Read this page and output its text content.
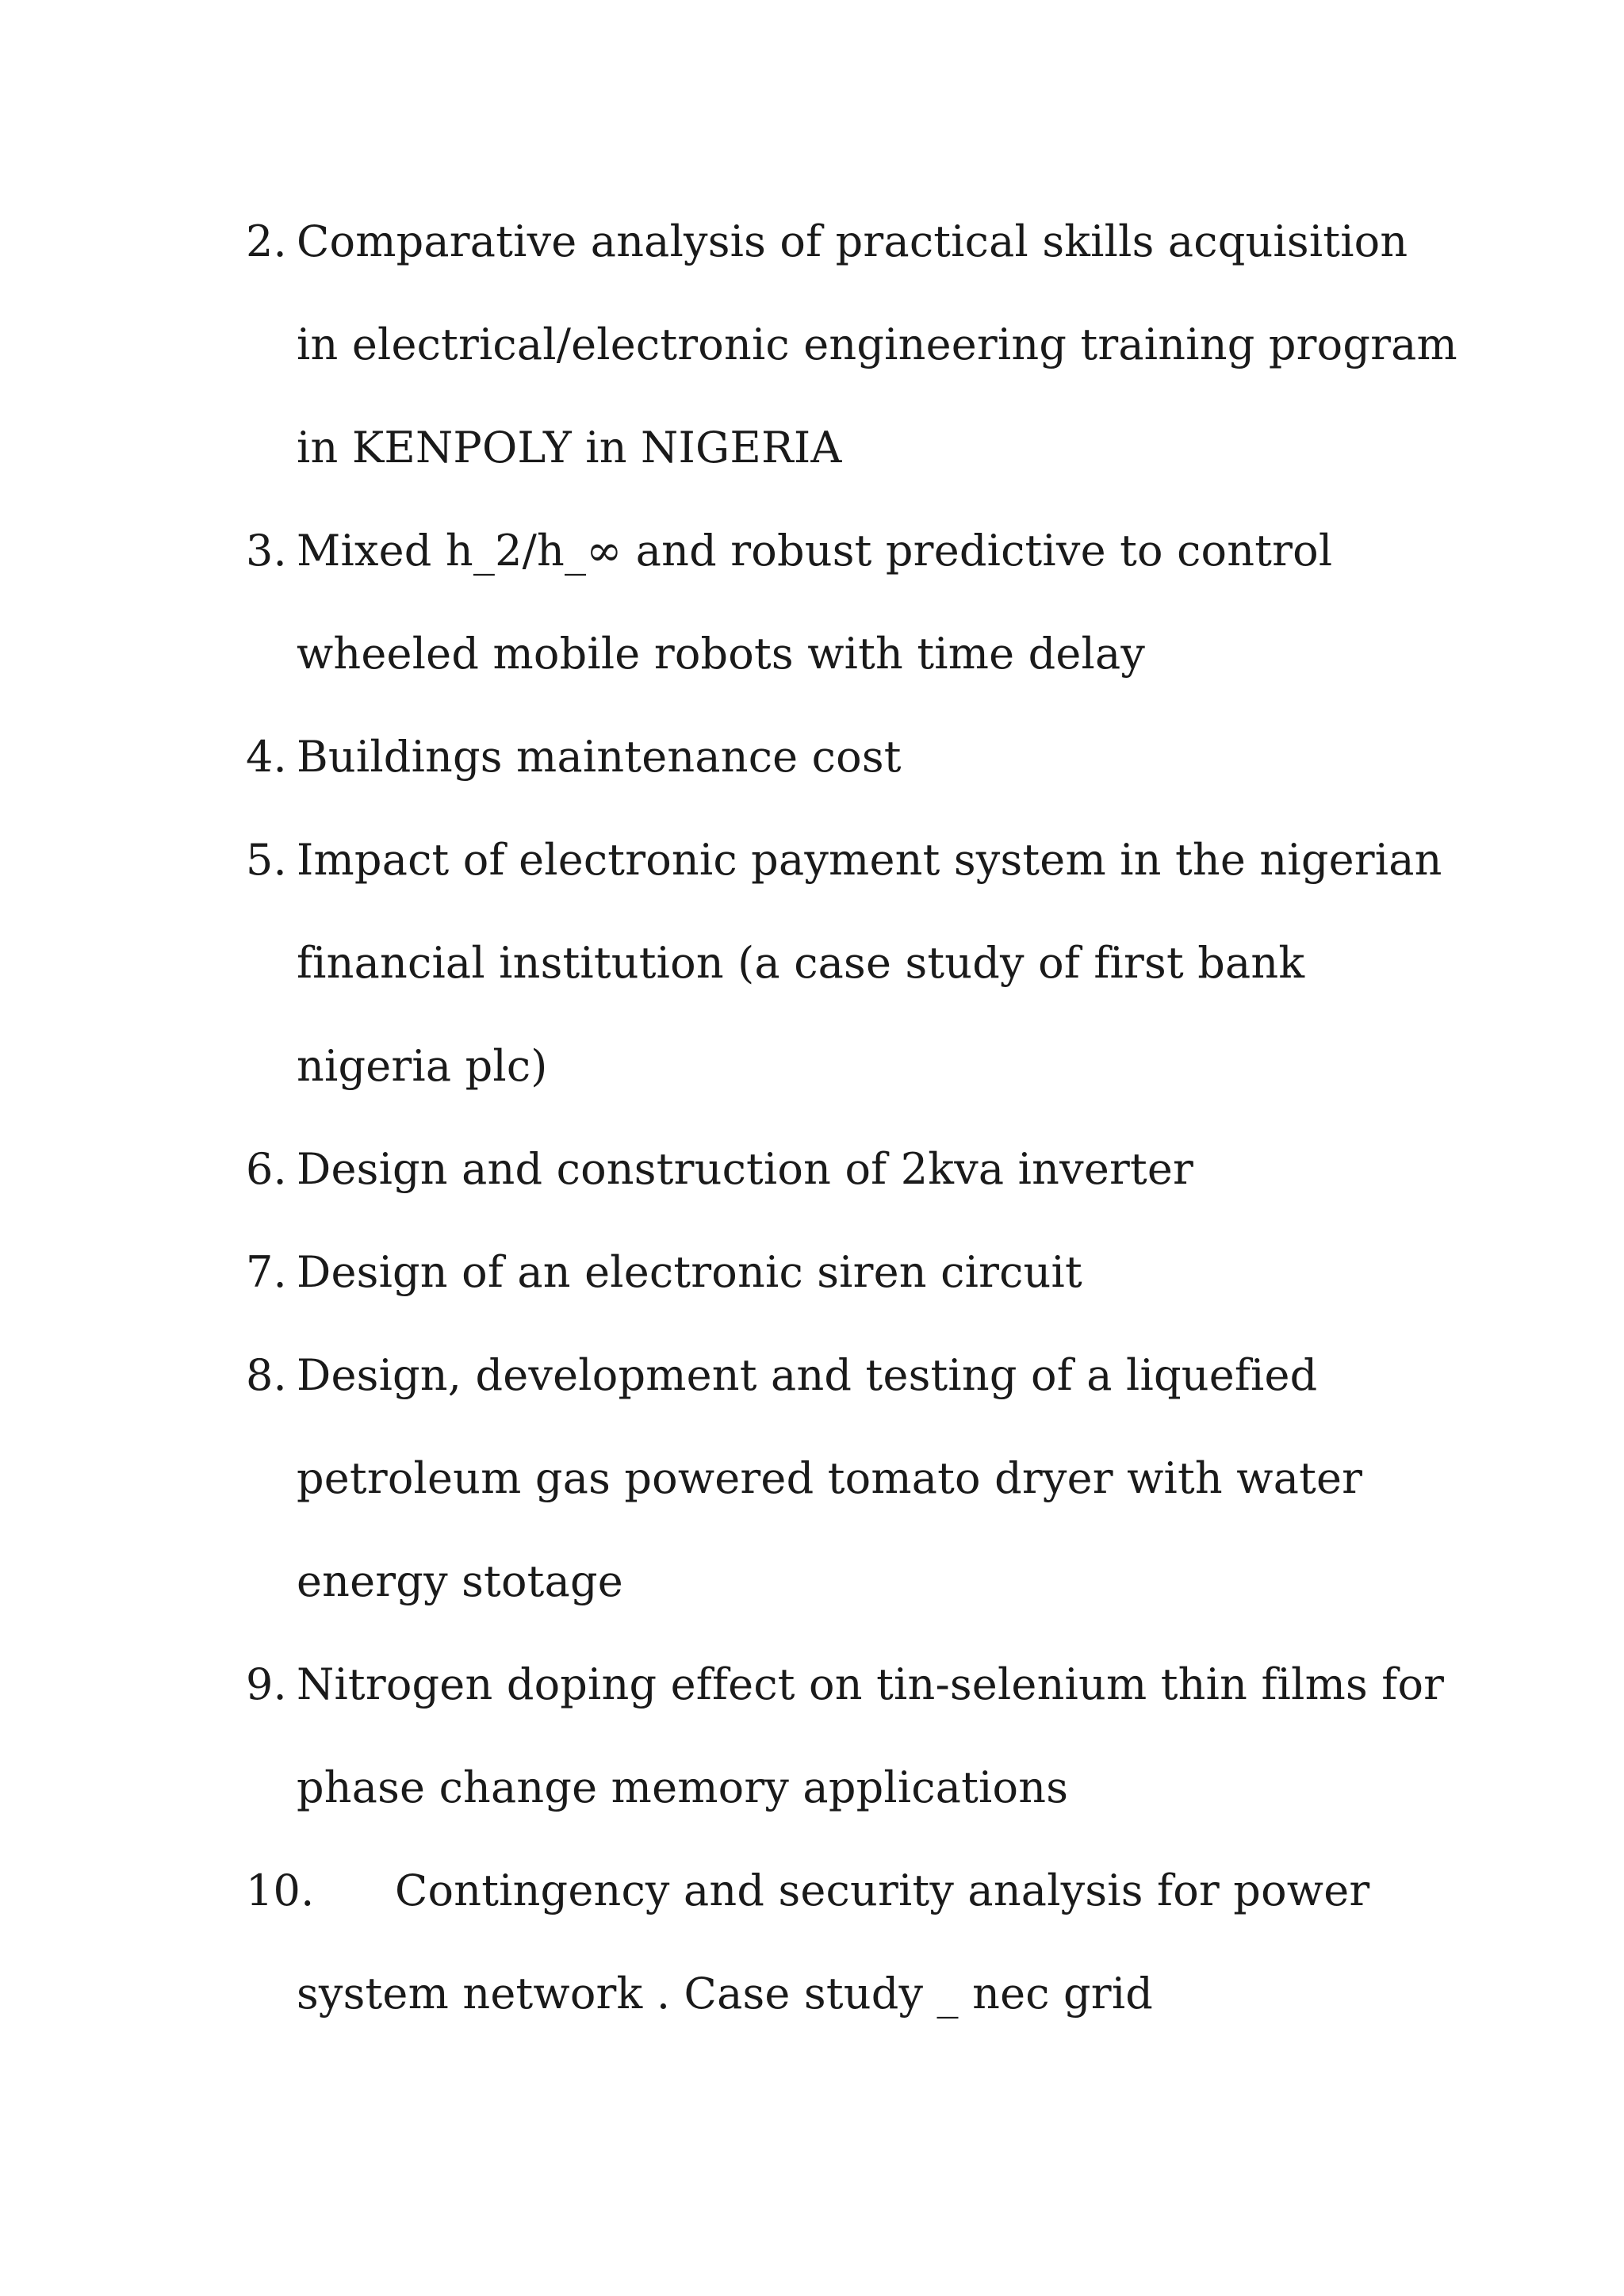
2. Comparative analysis of practical skills acquisition
in electrical/electronic engineering training program
in KENPOLY in NIGERIA
3. Mixed h_2/h_∞ and robust predictive to control
wheeled mobile robots with time delay
4. Buildings maintenance cost
5. Impact of electronic payment system in the nigerian
financial institution (a case study of first bank
nigeria plc)
6. Design and construction of 2kva inverter
7. Design of an electronic siren circuit
8. Design, development and testing of a liquefied
petroleum gas powered tomato dryer with water
energy stotage
9. Nitrogen doping effect on tin-selenium thin films for
phase change memory applications
10.	Contingency and security analysis for power
system network . Case study _ nec grid
